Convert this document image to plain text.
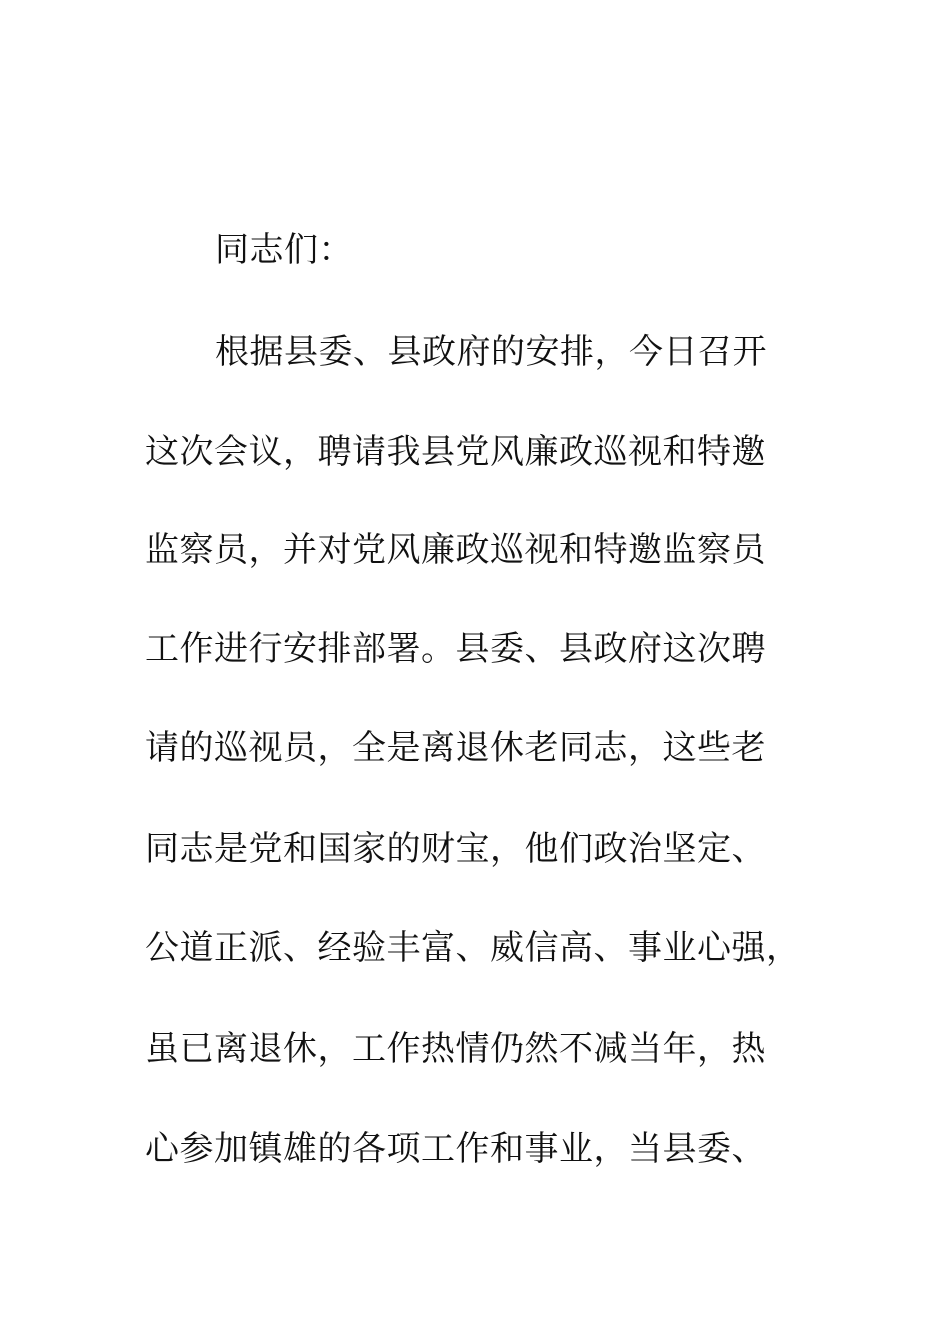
同志们：
根据县委、县政府的安排，今日召开
这次会议，聘请我县党风廉政巡视和特邀
监察员，并对党风廉政巡视和特邀监察员
工作进行安排部署。县委、县政府这次聘
请的巡视员，全是离退休老同志，这些老
同志是党和国家的财宝，他们政治坚定、
公道正派、经验丰富、威信高、事业心强，
虽已离退休，工作热情仍然不减当年，热
心参加镇雄的各项工作和事业，当县委、
